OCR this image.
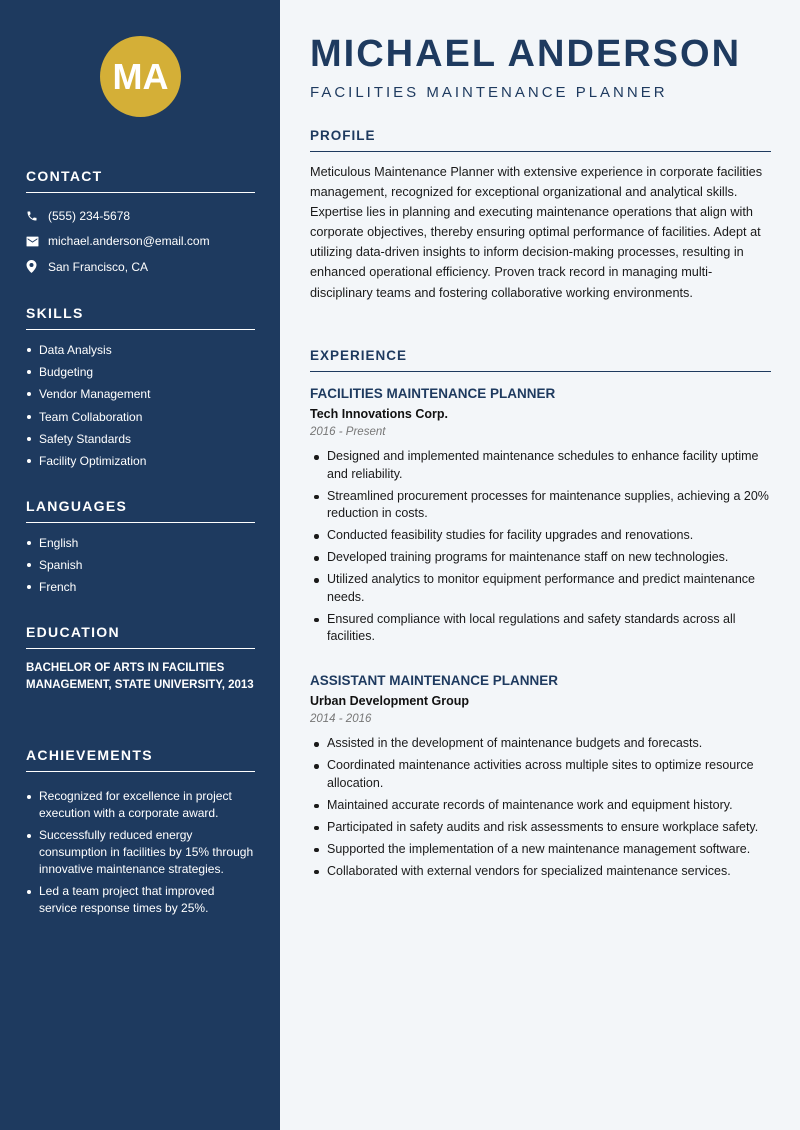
MA
CONTACT
(555) 234-5678
michael.anderson@email.com
San Francisco, CA
SKILLS
Data Analysis
Budgeting
Vendor Management
Team Collaboration
Safety Standards
Facility Optimization
LANGUAGES
English
Spanish
French
EDUCATION
BACHELOR OF ARTS IN FACILITIES MANAGEMENT, STATE UNIVERSITY, 2013
ACHIEVEMENTS
Recognized for excellence in project execution with a corporate award.
Successfully reduced energy consumption in facilities by 15% through innovative maintenance strategies.
Led a team project that improved service response times by 25%.
MICHAEL ANDERSON
FACILITIES MAINTENANCE PLANNER
PROFILE
Meticulous Maintenance Planner with extensive experience in corporate facilities management, recognized for exceptional organizational and analytical skills. Expertise lies in planning and executing maintenance operations that align with corporate objectives, thereby ensuring optimal performance of facilities. Adept at utilizing data-driven insights to inform decision-making processes, resulting in enhanced operational efficiency. Proven track record in managing multi-disciplinary teams and fostering collaborative working environments.
EXPERIENCE
FACILITIES MAINTENANCE PLANNER
Tech Innovations Corp.
2016 - Present
Designed and implemented maintenance schedules to enhance facility uptime and reliability.
Streamlined procurement processes for maintenance supplies, achieving a 20% reduction in costs.
Conducted feasibility studies for facility upgrades and renovations.
Developed training programs for maintenance staff on new technologies.
Utilized analytics to monitor equipment performance and predict maintenance needs.
Ensured compliance with local regulations and safety standards across all facilities.
ASSISTANT MAINTENANCE PLANNER
Urban Development Group
2014 - 2016
Assisted in the development of maintenance budgets and forecasts.
Coordinated maintenance activities across multiple sites to optimize resource allocation.
Maintained accurate records of maintenance work and equipment history.
Participated in safety audits and risk assessments to ensure workplace safety.
Supported the implementation of a new maintenance management software.
Collaborated with external vendors for specialized maintenance services.
